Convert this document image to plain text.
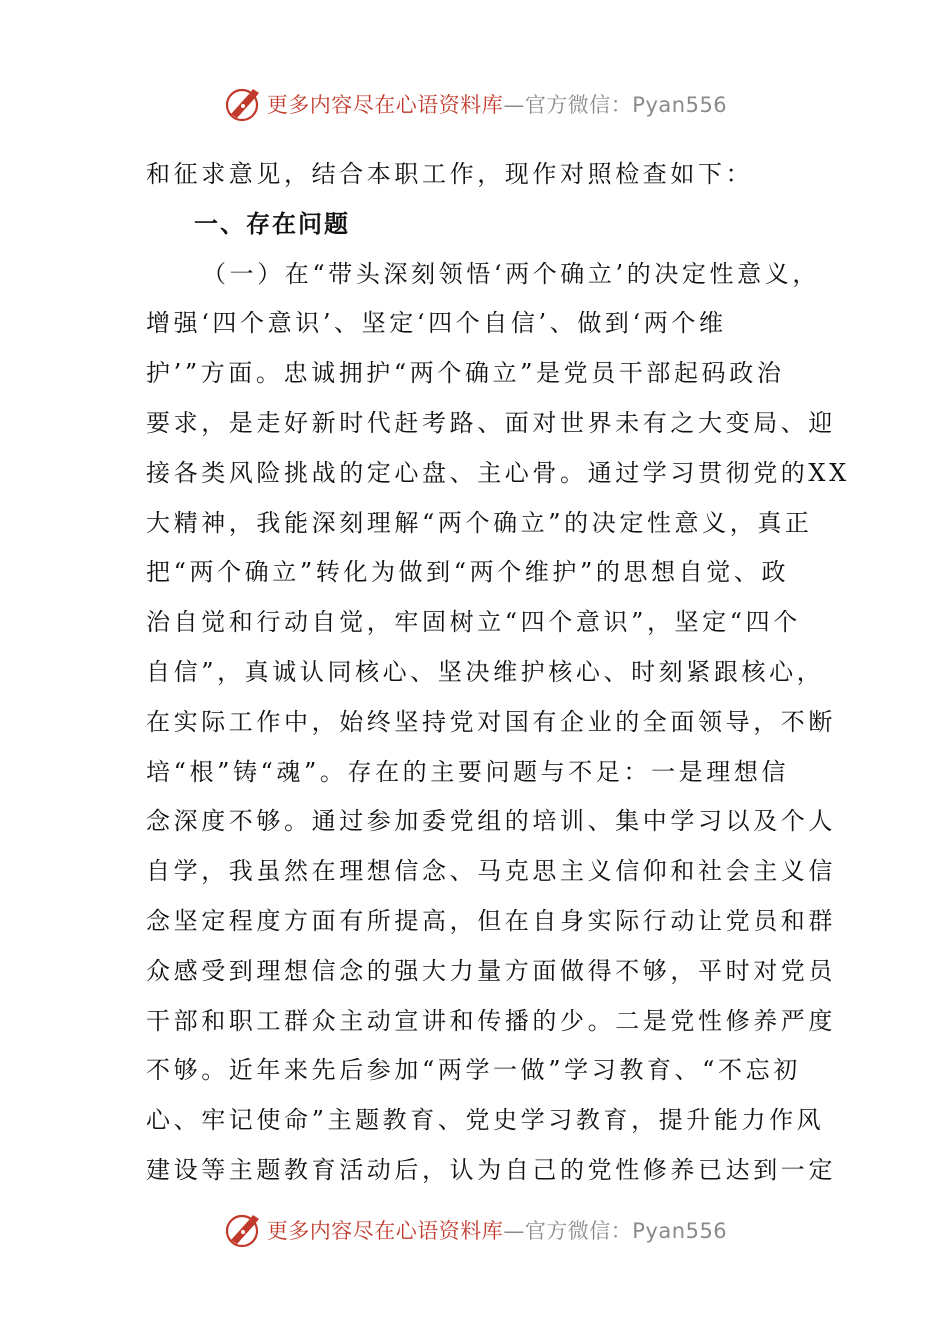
更多内容尽在心语资料库—官方微信：Pyan556
和征求意见，结合本职工作，现作对照检查如下：
一、存在问题
（一）在“带头深刻领悟‘两个确立’的决定性意义，
增强‘四个意识’、坚定‘四个自信’、做到‘两个维
护’”方面。忠诚拥护“两个确立”是党员干部起码政治
要求，是走好新时代赶考路、面对世界未有之大变局、迎
接各类风险挑战的定心盘、主心骨。通过学习贯彻党的XX
大精神，我能深刻理解“两个确立”的决定性意义，真正
把“两个确立”转化为做到“两个维护”的思想自觉、政
治自觉和行动自觉，牢固树立“四个意识”，坚定“四个
自信”，真诚认同核心、坚决维护核心、时刻紧跟核心，
在实际工作中，始终坚持党对国有企业的全面领导，不断
培“根”铸“魂”。存在的主要问题与不足：一是理想信
念深度不够。通过参加委党组的培训、集中学习以及个人
自学，我虽然在理想信念、马克思主义信仰和社会主义信
念坚定程度方面有所提高，但在自身实际行动让党员和群
众感受到理想信念的强大力量方面做得不够，平时对党员
干部和职工群众主动宣讲和传播的少。二是党性修养严度
不够。近年来先后参加“两学一做”学习教育、“不忘初
心、牢记使命”主题教育、党史学习教育，提升能力作风
建设等主题教育活动后，认为自己的党性修养已达到一定
更多内容尽在心语资料库—官方微信：Pyan556
